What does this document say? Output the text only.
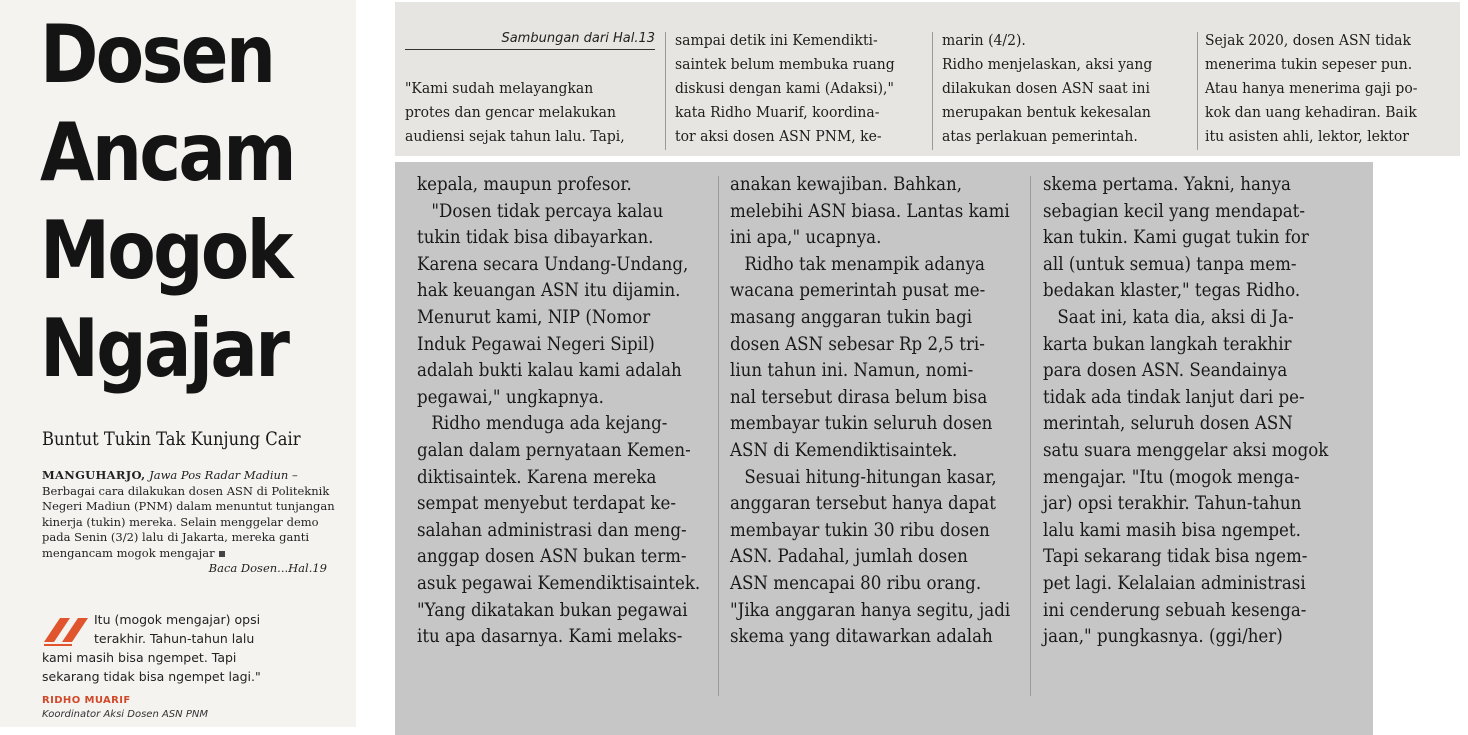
Dosen
Ancam
Mogok
Ngajar
Buntut Tukin Tak Kunjung Cair
MANGUHARJO, Jawa Pos Radar Madiun – Berbagai cara dilakukan dosen ASN di Politeknik Negeri Madiun (PNM) dalam menuntut tunjangan kinerja (tukin) mereka. Selain menggelar demo pada Senin (3/2) lalu di Jakarta, mereka ganti mengancam mogok mengajar
Baca Dosen...Hal.19
Itu (mogok mengajar) opsi
terakhir. Tahun-tahun lalu
kami masih bisa ngempet. Tapi
sekarang tidak bisa ngempet lagi."
RIDHO MUARIF
Koordinator Aksi Dosen ASN PNM
Sambungan dari Hal.13
"Kami sudah melayangkan
protes dan gencar melakukan
audiensi sejak tahun lalu. Tapi,
sampai detik ini Kemendikti-
saintek belum membuka ruang
diskusi dengan kami (Adaksi),"
kata Ridho Muarif, koordina-
tor aksi dosen ASN PNM, ke-
marin (4/2).
Ridho menjelaskan, aksi yang
dilakukan dosen ASN saat ini
merupakan bentuk kekesalan
atas perlakuan pemerintah.
Sejak 2020, dosen ASN tidak
menerima tukin sepeser pun.
Atau hanya menerima gaji po-
kok dan uang kehadiran. Baik
itu asisten ahli, lektor, lektor
kepala, maupun profesor.
"Dosen tidak percaya kalau
tukin tidak bisa dibayarkan.
Karena secara Undang-Undang,
hak keuangan ASN itu dijamin.
Menurut kami, NIP (Nomor
Induk Pegawai Negeri Sipil)
adalah bukti kalau kami adalah
pegawai," ungkapnya.
Ridho menduga ada kejang-
galan dalam pernyataan Kemen-
diktisaintek. Karena mereka
sempat menyebut terdapat ke-
salahan administrasi dan meng-
anggap dosen ASN bukan term-
asuk pegawai Kemendiktisaintek.
"Yang dikatakan bukan pegawai
itu apa dasarnya. Kami melaks-
anakan kewajiban. Bahkan,
melebihi ASN biasa. Lantas kami
ini apa," ucapnya.
Ridho tak menampik adanya
wacana pemerintah pusat me-
masang anggaran tukin bagi
dosen ASN sebesar Rp 2,5 tri-
liun tahun ini. Namun, nomi-
nal tersebut dirasa belum bisa
membayar tukin seluruh dosen
ASN di Kemendiktisaintek.
Sesuai hitung-hitungan kasar,
anggaran tersebut hanya dapat
membayar tukin 30 ribu dosen
ASN. Padahal, jumlah dosen
ASN mencapai 80 ribu orang.
"Jika anggaran hanya segitu, jadi
skema yang ditawarkan adalah
skema pertama. Yakni, hanya
sebagian kecil yang mendapat-
kan tukin. Kami gugat tukin for
all (untuk semua) tanpa mem-
bedakan klaster," tegas Ridho.
Saat ini, kata dia, aksi di Ja-
karta bukan langkah terakhir
para dosen ASN. Seandainya
tidak ada tindak lanjut dari pe-
merintah, seluruh dosen ASN
satu suara menggelar aksi mogok
mengajar. "Itu (mogok menga-
jar) opsi terakhir. Tahun-tahun
lalu kami masih bisa ngempet.
Tapi sekarang tidak bisa ngem-
pet lagi. Kelalaian administrasi
ini cenderung sebuah kesenga-
jaan," pungkasnya. (ggi/her)
